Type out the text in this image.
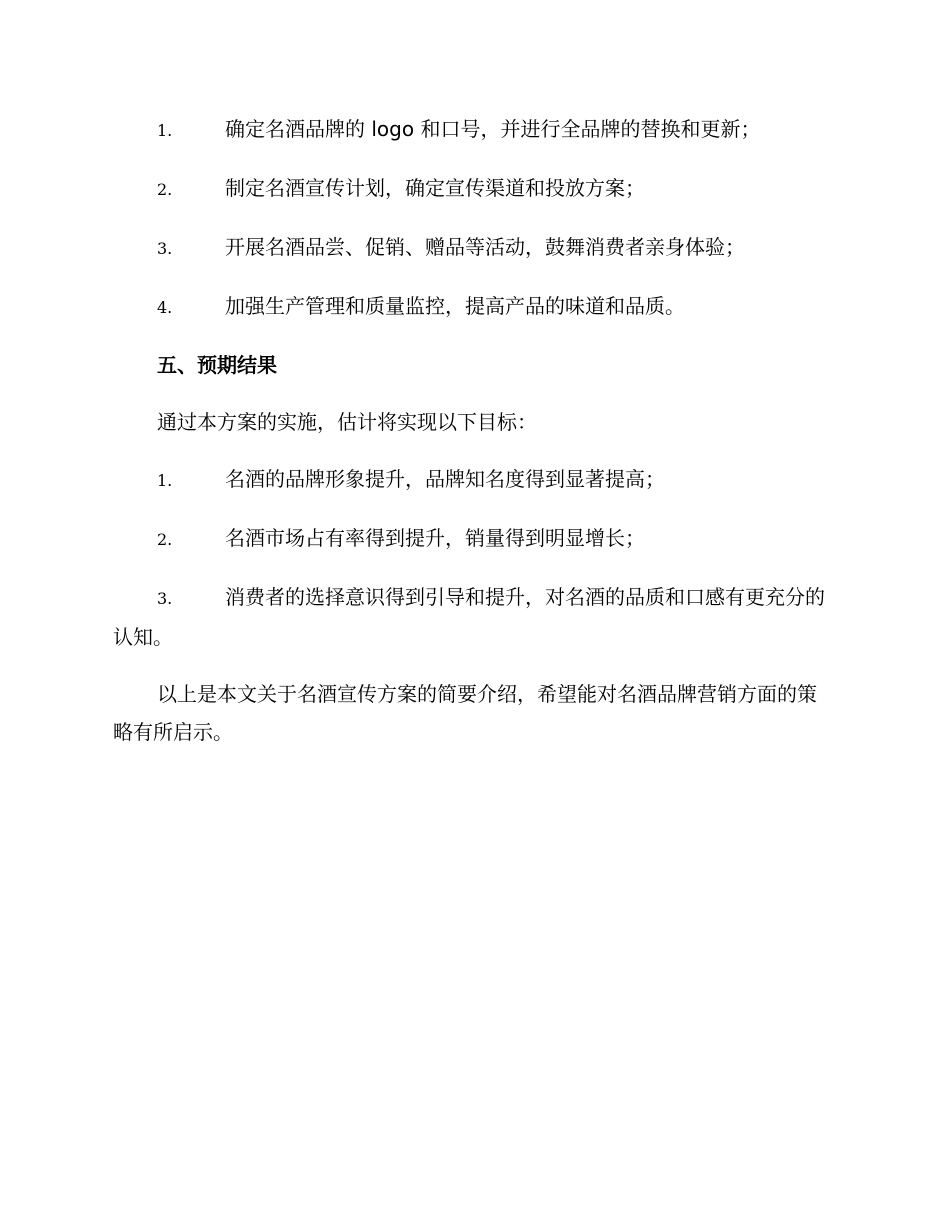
1.	确定名酒品牌的 logo 和口号，并进行全品牌的替换和更新；
2.	制定名酒宣传计划，确定宣传渠道和投放方案；
3.	开展名酒品尝、促销、赠品等活动，鼓舞消费者亲身体验；
4.	加强生产管理和质量监控，提高产品的味道和品质。
五、预期结果
通过本方案的实施，估计将实现以下目标：
1.	名酒的品牌形象提升，品牌知名度得到显著提高；
2.	名酒市场占有率得到提升，销量得到明显增长；
3.	消费者的选择意识得到引导和提升，对名酒的品质和口感有更充分的认知。
以上是本文关于名酒宣传方案的简要介绍，希望能对名酒品牌营销方面的策略有所启示。
